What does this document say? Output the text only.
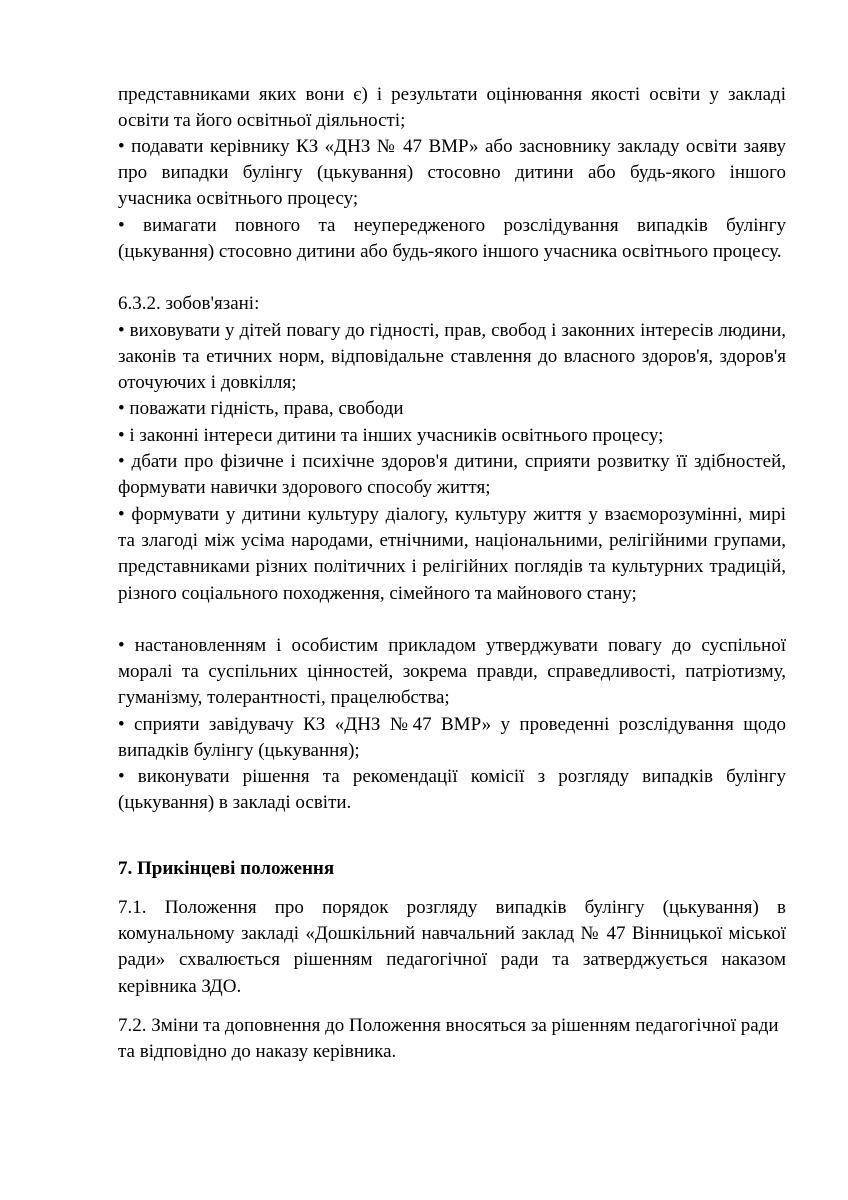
представниками яких вони є) і результати оцінювання якості освіти у закладі освіти та його освітньої діяльності;

• подавати керівнику КЗ «ДНЗ № 47 ВМР» або засновнику закладу освіти заяву про випадки булінгу (цькування) стосовно дитини або будь-якого іншого учасника освітнього процесу;

• вимагати повного та неупередженого розслідування випадків булінгу (цькування) стосовно дитини або будь-якого іншого учасника освітнього процесу.

6.3.2. зобов'язані:

• виховувати у дітей повагу до гідності, прав, свобод і законних інтересів людини, законів та етичних норм, відповідальне ставлення до власного здоров'я, здоров'я оточуючих і довкілля;

• поважати гідність, права, свободи

• і законні інтереси дитини та інших учасників освітнього процесу;

• дбати про фізичне і психічне здоров'я дитини, сприяти розвитку її здібностей, формувати навички здорового способу життя;

• формувати у дитини культуру діалогу, культуру життя у взаєморозумінні, мирі та злагоді між усіма народами, етнічними, національними, релігійними групами, представниками різних політичних і релігійних поглядів та культурних традицій, різного соціального походження, сімейного та майнового стану;

• настановленням і особистим прикладом утверджувати повагу до суспільної моралі та суспільних цінностей, зокрема правди, справедливості, патріотизму, гуманізму, толерантності, працелюбства;

• сприяти завідувачу КЗ «ДНЗ №47 ВМР» у проведенні розслідування щодо випадків булінгу (цькування);

• виконувати рішення та рекомендації комісії з розгляду випадків булінгу (цькування) в закладі освіти.

7. Прикінцеві положення

7.1. Положення про порядок розгляду випадків булінгу (цькування) в комунальному закладі «Дошкільний навчальний заклад № 47 Вінницької міської ради» схвалюється рішенням педагогічної ради та затверджується наказом керівника ЗДО.

7.2. Зміни та доповнення до Положення вносяться за рішенням педагогічної ради та відповідно до наказу керівника.
